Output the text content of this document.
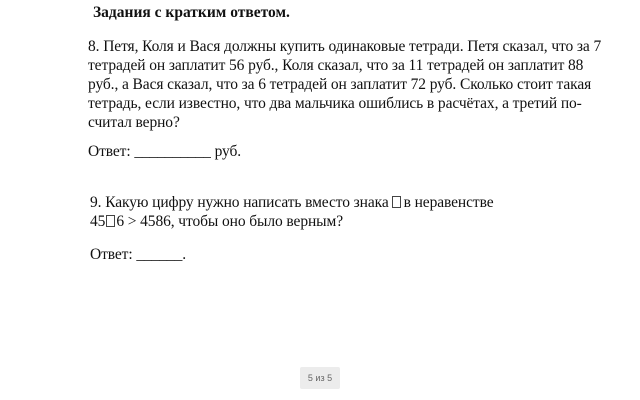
Задания с кратким ответом.
8. Петя, Коля и Вася должны купить одинаковые тетради. Петя сказал, что за 7
тетрадей он заплатит 56 руб., Коля сказал, что за 11 тетрадей он заплатит 88
руб., а Вася сказал, что за 6 тетрадей он заплатит 72 руб. Сколько стоит такая
тетрадь, если известно, что два мальчика ошиблись в расчётах, а третий по-
считал верно?
Ответ: __________ руб.
9. Какую цифру нужно написать вместо знака в неравенстве
45 6 > 4586, чтобы оно было верным?
Ответ: ______.
5 из 5
